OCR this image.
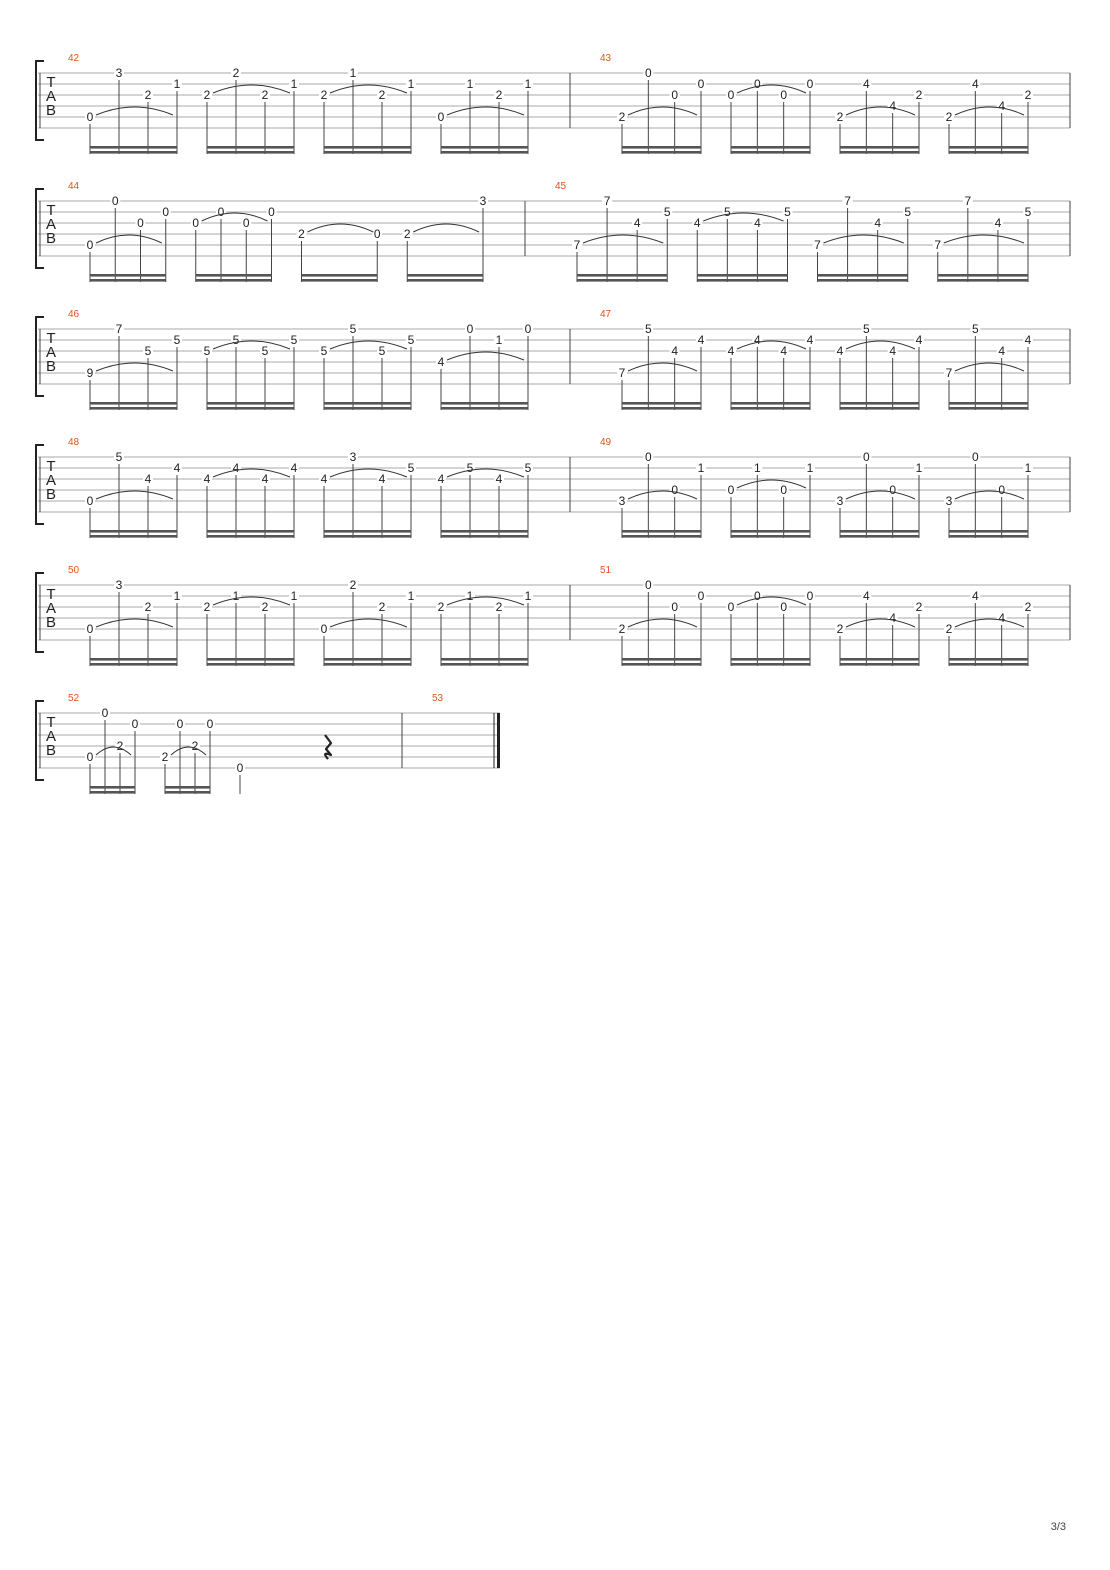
3/3
T
A
B
42
0
3
2
1
2
2
2
1
2
1
2
1
0
1
2
1
43
2
0
0
0
0
0
0
0
2
4
4
2
2
4
4
2
T
A
B
44
0
0
0
0
0
0
0
0
2	0 2
3
45
7
7
4
5
4
5
4
5
7
7
4
5
7
7
4
5
T
A
B
46
9
7
5
5
5
5
5
5
5
5
5
5
4
0
1
0
47
7
5
4
4
4
4
4
4
4
5
4
4
7
5
4
4
T
A
B
48
0
5
4
4
4
4
4
4
4
3
4
5
4
5
4
5
49
3
0
0
1
0
1
0
1
3
0
0
1
3
0
0
1
T
A
B
50
0
3
2
1
2
1
2
1
0
2
2
1
2
1
2
1
51
2
0
0
0
0
0
0
0
2
4
4
2
2
4
4
2
T
A
B
52
0
0
2
0
2
0
2
0
0
53
